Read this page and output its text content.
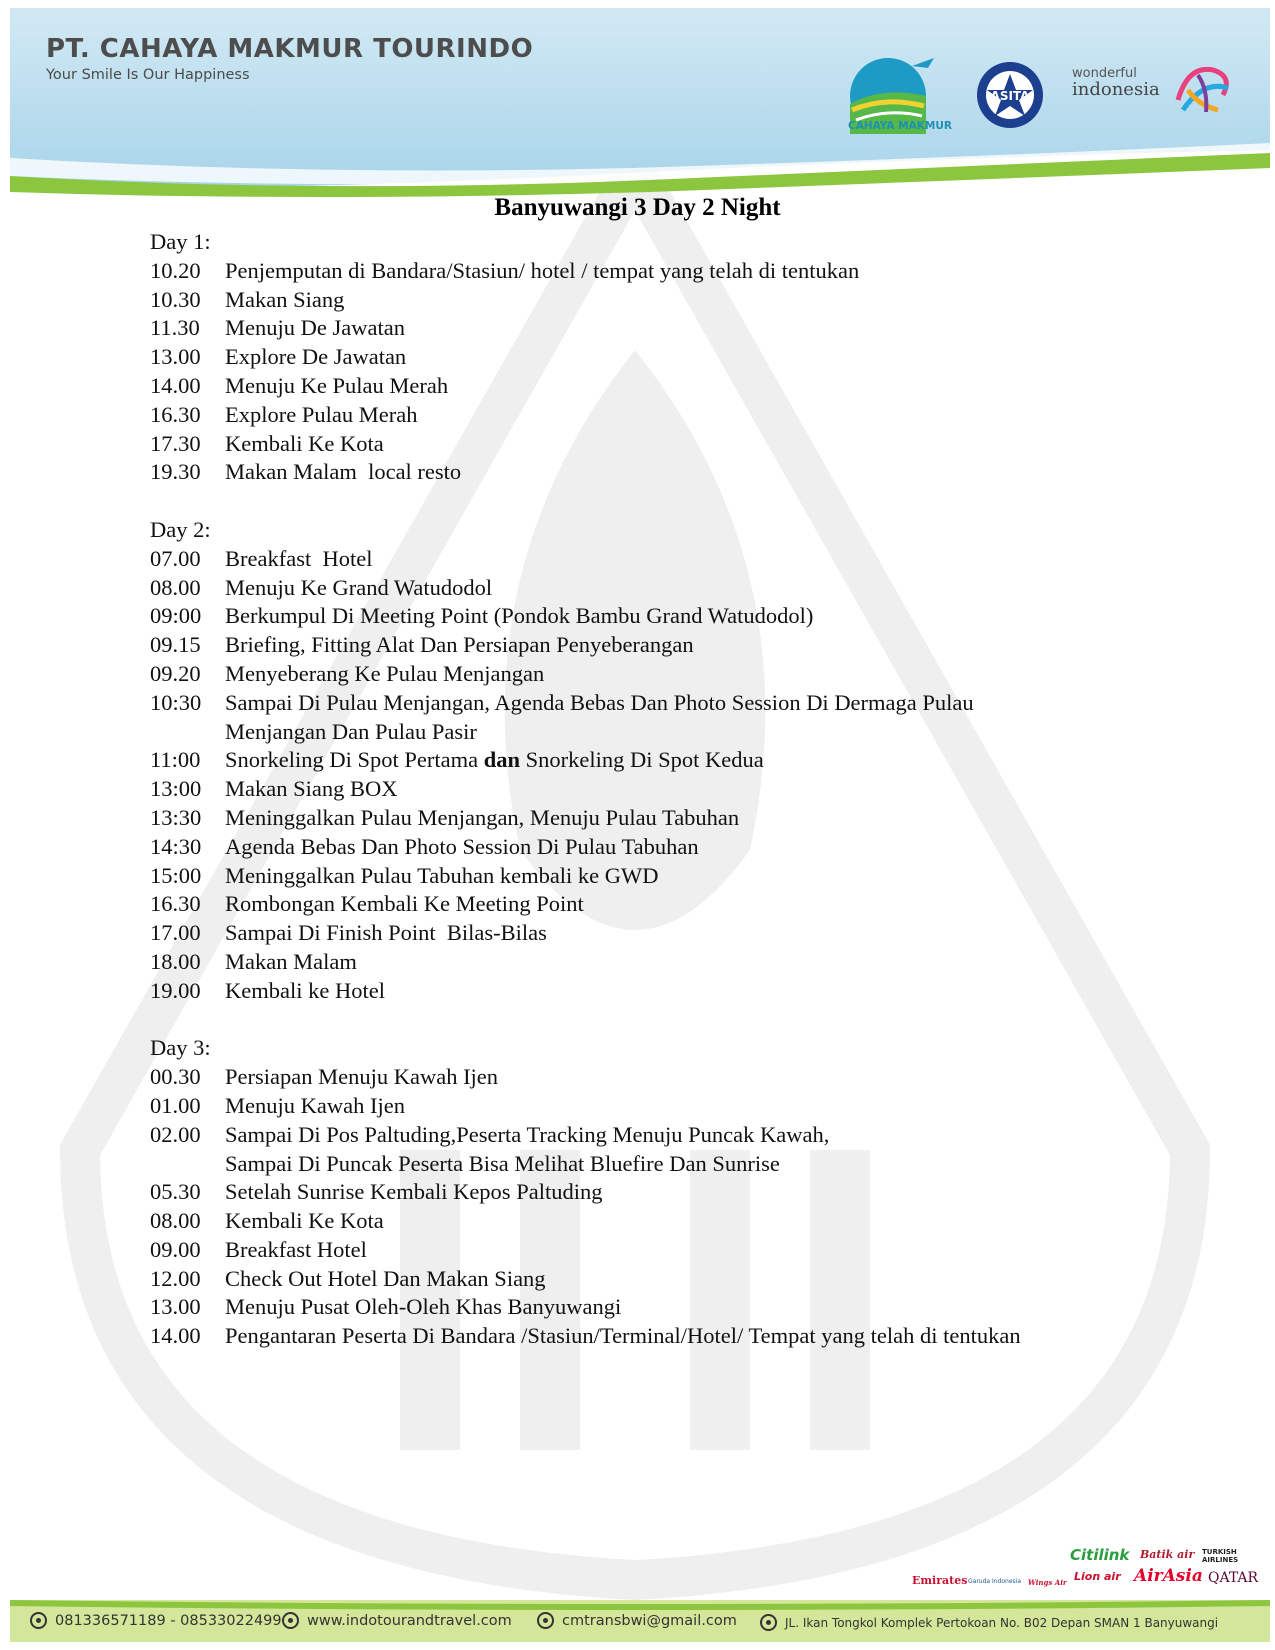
PT. CAHAYA MAKMUR TOURINDO
Your Smile Is Our Happiness
CAHAYA MAKMUR
ASITA
wonderful
indonesia
Banyuwangi 3 Day 2 Night
Day 1:
10.20	Penjemputan di Bandara/Stasiun/ hotel / tempat yang telah di tentukan
10.30	Makan Siang
11.30	Menuju De Jawatan
13.00	Explore De Jawatan
14.00	Menuju Ke Pulau Merah
16.30	Explore Pulau Merah
17.30	Kembali Ke Kota
19.30	Makan Malam  local resto
Day 2:
07.00	Breakfast  Hotel
08.00	Menuju Ke Grand Watudodol
09:00	Berkumpul Di Meeting Point (Pondok Bambu Grand Watudodol)
09.15	Briefing, Fitting Alat Dan Persiapan Penyeberangan
09.20	Menyeberang Ke Pulau Menjangan
10:30	Sampai Di Pulau Menjangan, Agenda Bebas Dan Photo Session Di Dermaga Pulau
Menjangan Dan Pulau Pasir
11:00	Snorkeling Di Spot Pertama dan Snorkeling Di Spot Kedua
13:00	Makan Siang BOX
13:30	Meninggalkan Pulau Menjangan, Menuju Pulau Tabuhan
14:30	Agenda Bebas Dan Photo Session Di Pulau Tabuhan
15:00	Meninggalkan Pulau Tabuhan kembali ke GWD
16.30	Rombongan Kembali Ke Meeting Point
17.00	Sampai Di Finish Point  Bilas-Bilas
18.00	Makan Malam
19.00	Kembali ke Hotel
Day 3:
00.30	Persiapan Menuju Kawah Ijen
01.00	Menuju Kawah Ijen
02.00	Sampai Di Pos Paltuding,Peserta Tracking Menuju Puncak Kawah,
Sampai Di Puncak Peserta Bisa Melihat Bluefire Dan Sunrise
05.30	Setelah Sunrise Kembali Kepos Paltuding
08.00	Kembali Ke Kota
09.00	Breakfast Hotel
12.00	Check Out Hotel Dan Makan Siang
13.00	Menuju Pusat Oleh-Oleh Khas Banyuwangi
14.00	Pengantaran Peserta Di Bandara /Stasiun/Terminal/Hotel/ Tempat yang telah di tentukan
Emirates Garuda Indonesia Wings Air
Citilink
Lion air
Batik air
AirAsia
TURKISH AIRLINES
QATAR
081336571189 - 08533022499 www.indotourandtravel.com	cmtransbwi@gmail.com	JL. Ikan Tongkol Komplek Pertokoan No. B02 Depan SMAN 1 Banyuwangi
